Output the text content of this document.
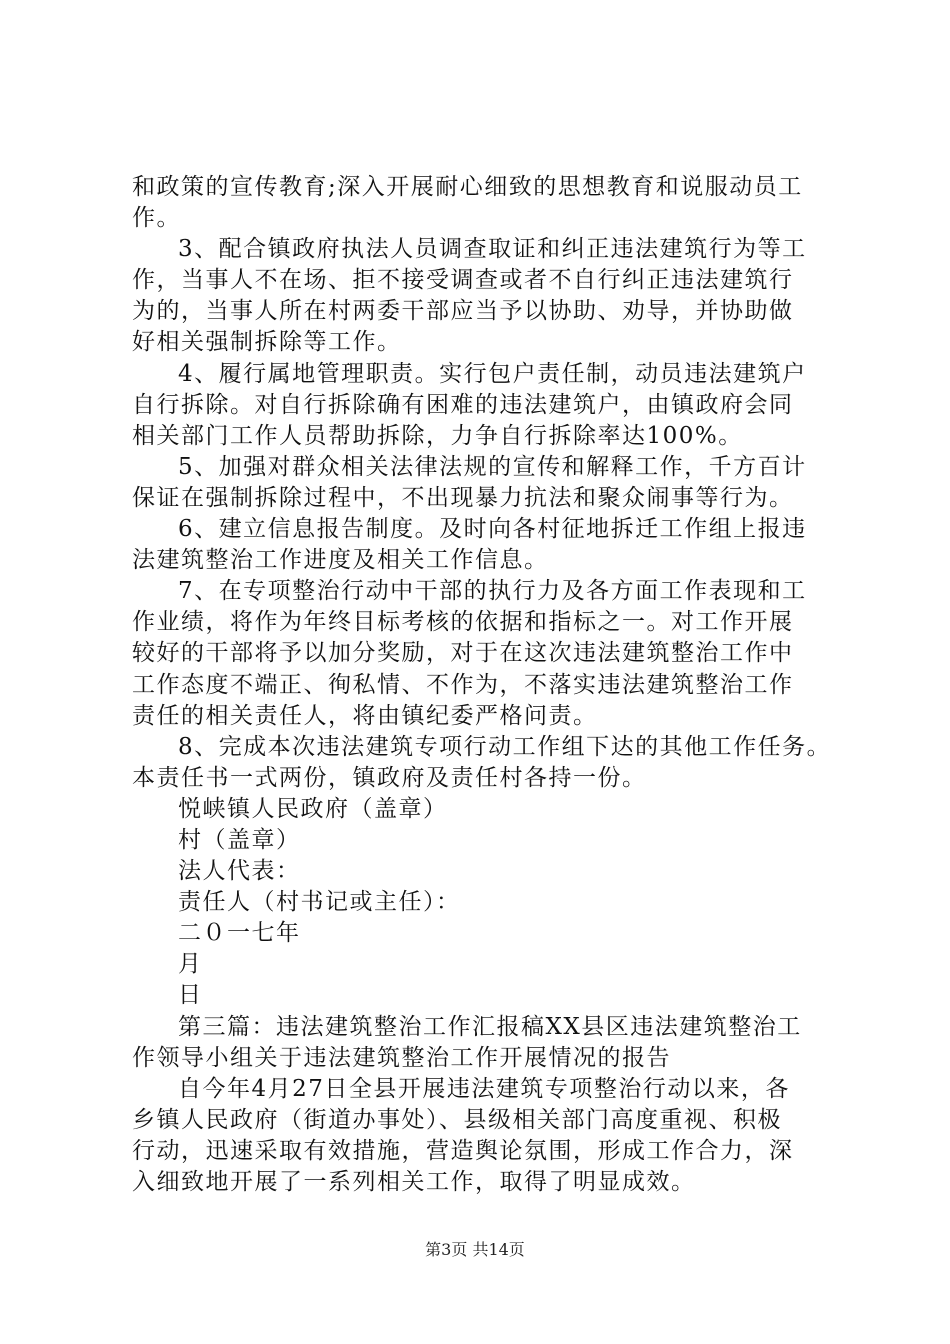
和政策的宣传教育;深入开展耐心细致的思想教育和说服动员工
作。
3、配合镇政府执法人员调查取证和纠正违法建筑行为等工
作，当事人不在场、拒不接受调查或者不自行纠正违法建筑行
为的，当事人所在村两委干部应当予以协助、劝导，并协助做
好相关强制拆除等工作。
4、履行属地管理职责。实行包户责任制，动员违法建筑户
自行拆除。对自行拆除确有困难的违法建筑户，由镇政府会同
相关部门工作人员帮助拆除，力争自行拆除率达100%。
5、加强对群众相关法律法规的宣传和解释工作，千方百计
保证在强制拆除过程中，不出现暴力抗法和聚众闹事等行为。
6、建立信息报告制度。及时向各村征地拆迁工作组上报违
法建筑整治工作进度及相关工作信息。
7、在专项整治行动中干部的执行力及各方面工作表现和工
作业绩，将作为年终目标考核的依据和指标之一。对工作开展
较好的干部将予以加分奖励，对于在这次违法建筑整治工作中
工作态度不端正、徇私情、不作为，不落实违法建筑整治工作
责任的相关责任人，将由镇纪委严格问责。
8、完成本次违法建筑专项行动工作组下达的其他工作任务。
本责任书一式两份，镇政府及责任村各持一份。
悦峡镇人民政府（盖章）
村（盖章）
法人代表：
责任人（村书记或主任）：
二０一七年
月
日
第三篇：违法建筑整治工作汇报稿XX县区违法建筑整治工
作领导小组关于违法建筑整治工作开展情况的报告
自今年4月27日全县开展违法建筑专项整治行动以来，各
乡镇人民政府（街道办事处）、县级相关部门高度重视、积极
行动，迅速采取有效措施，营造舆论氛围，形成工作合力，深
入细致地开展了一系列相关工作，取得了明显成效。
第3页 共14页
